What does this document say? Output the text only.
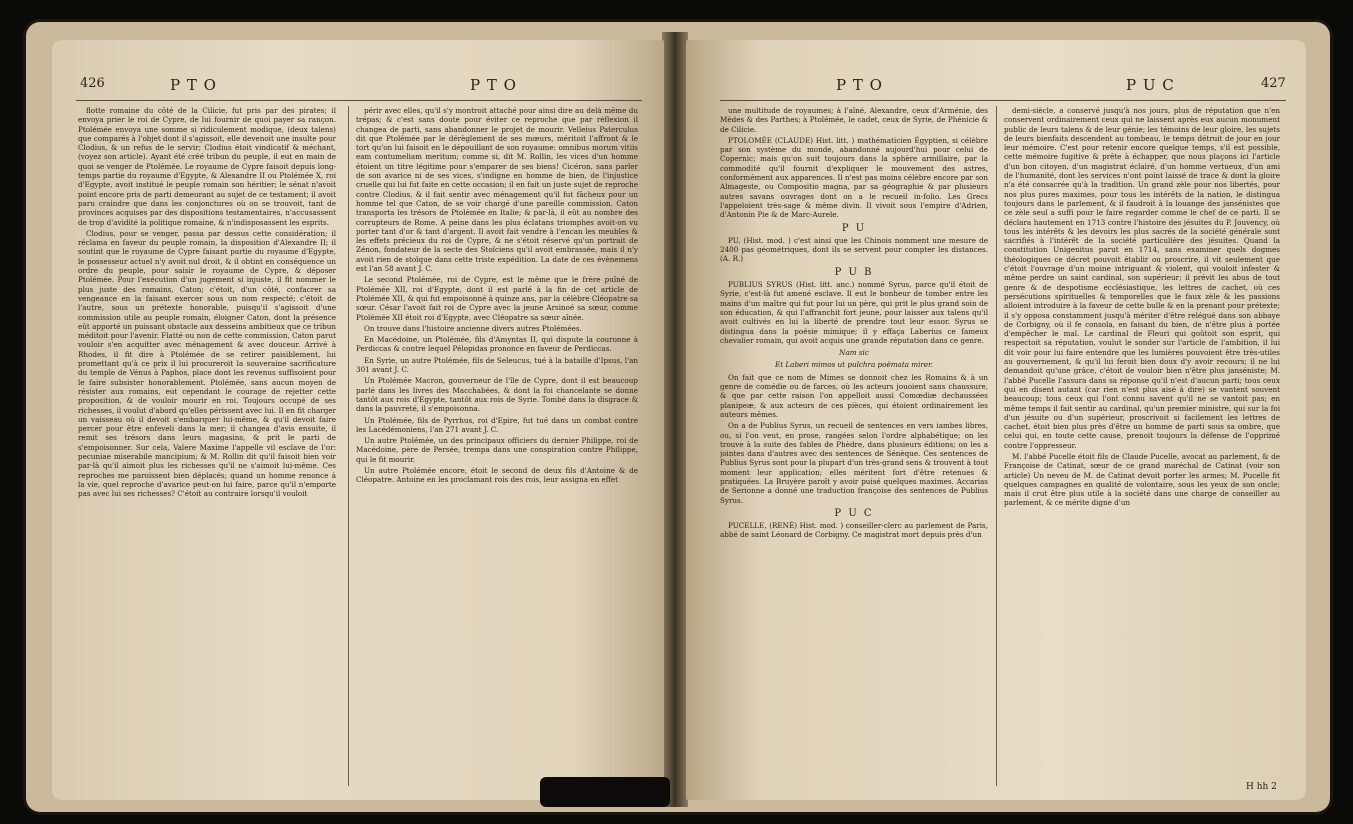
426	P T O	P T O

flotte romaine du côté de la Cilicie, fut pris par des pirates; il envoya prier le roi de Cypre, de lui fournir de quoi payer sa rançon. Ptolémée envoya une somme si ridiculement modique, (deux talens) que comparés à l'objet dont il s'agissoit, elle devenoit une insulte pour Clodius, & un refus de le servir; Clodius étoit vindicatif & méchant, (voyez son article). Ayant été créé tribun du peuple, il eut en main de quoi se venger de Ptolémée. Le royaume de Cypre faisoit depuis long-temps partie du royaume d'Egypte, & Alexandre II ou Ptolémée X, roi d'Egypte, avoit institué le peuple romain son héritier; le sénat n'avoit point encore pris de parti demeurant au sujet de ce testament; il avoit paru craindre que dans les conjonctures où on se trouvoit, tant de provinces acquises par des dispositions testamentaires, n'accusassent de trop d'avidité la politique romaine, & n'indisposassent les esprits.

Clodius, pour se venger, passa par dessus cette considération; il réclama en faveur du peuple romain, la disposition d'Alexandre II; il soutint que le royaume de Cypre faisant partie du royaume d'Egypte, le possesseur actuel n'y avoit nul droit, & il obtint en conséquence un ordre du peuple, pour saisir le royaume de Cypre, & déposer Ptolémée. Pour l'exécution d'un jugement si injuste, il fit nommer le plus juste des romains, Caton; c'étoit, d'un côté, confacrer sa vengeance en la faisant exercer sous un nom respecté; c'étoit de l'autre, sous un prétexte honorable, puisqu'il s'agissoit d'une commission utile au peuple romain, éloigner Caton, dont la présence eût apporté un puissant obstacle aux desseins ambitieux que ce tribun méditoit pour l'avenir. Flatté ou non de cette commission, Caton parut vouloir s'en acquitter avec ménagement & avec douceur. Arrivé à Rhodes, il fit dire à Ptolémée de se retirer paisiblement, lui promettant qu'à ce prix il lui procureroit la souveraine sacrificature du temple de Vénus à Paphos, place dont les revenus suffisoient pour le faire subsister honorablement. Ptolémée, sans aucun moyen de résister aux romains, eut cependant le courage de rejetter cette proposition, & de vouloir mourir en roi. Toujours occupé de ses richesses, il voulut d'abord qu'elles périssent avec lui. Il en fit charger un vaisseau où il devoit s'embarquer lui-même, & qu'il devoit faire percer pour être enfeveli dans la mer; il changea d'avis ensuite, il remit ses trésors dans leurs magasins, & prit le parti de s'empoisonner. Sur cela, Valere Maxime l'appelle vil esclave de l'or: pecuniae miserabile mancipium; & M. Rollin dit qu'il faisoit bien voir par-là qu'il aimoit plus les richesses qu'il ne s'aimoit lui-même. Ces reproches me paroissent bien déplacés; quand un homme renonce à la vie, quel reproche d'avarice peut-on lui faire, parce qu'il n'emporte pas avec lui ses richesses? C'étoit au contraire lorsqu'il vouloit

périr avec elles, qu'il s'y montroit attaché pour ainsi dire au delà même du trépas; & c'est sans doute pour éviter ce reproche que par réflexion il changea de parti, sans abandonner le projet de mourir. Velleius Paterculus dit que Ptolémée par le dérèglement de ses mœurs, méritoit l'affront & le tort qu'on lui faisoit en le dépouillant de son royaume: omnibus morum vitiis eam contumeliam meritum; comme si, dit M. Rollin, les vices d'un homme étoient un titre légitime pour s'emparer de ses biens! Cicéron, sans parler de son avarice ni de ses vices, s'indigne en homme de bien, de l'injustice cruelle qui lui fut faite en cette occasion; il en fait un juste sujet de reproche contre Clodius, & il fait sentir avec ménagement qu'il fut fâcheux pour un homme tel que Caton, de se voir chargé d'une pareille commission. Caton transporta les trésors de Ptolémée en Italie; & par-là, il eût au nombre des corrupteurs de Rome. A peine dans les plus éclatans triomphes avoit-on vu porter tant d'or & tant d'argent. Il avoit fait vendre à l'encan les meubles & les effets précieux du roi de Cypre, & ne s'étoit réservé qu'un portrait de Zénon, fondateur de la secte des Stoïciens qu'il avoit embrassée, mais il n'y avoit rien de stoïque dans cette triste expédition. La date de ces évènemens est l'an 58 avant J. C.

Le second Ptolémée, roi de Cypre, est le même que le frère puîné de Ptolémée XII, roi d'Egypte, dont il est parlé à la fin de cet article de Ptolémée XII, & qui fut empoisonné à quinze ans, par la célèbre Cléopatre sa sœur. César l'avoit fait roi de Cypre avec la jeune Arsinoé sa sœur, comme Ptolémée XII étoit roi d'Egypte, avec Cléopatre sa sœur aînée.

On trouve dans l'histoire ancienne divers autres Ptolémées.

En Macédoine, un Ptolémée, fils d'Amyntas II, qui dispute la couronne à Perdiccas & contre lequel Pélopidas prononce en faveur de Perdiccas.

En Syrie, un autre Ptolémée, fils de Seleucus, tué à la bataille d'Ipsus, l'an 301 avant J. C.

Un Ptolémée Macron, gouverneur de l'île de Cypre, dont il est beaucoup parlé dans les livres des Macchabées, & dont la foi chancelante se donne tantôt aux rois d'Egypte, tantôt aux rois de Syrie. Tombé dans la disgrace & dans la pauvreté, il s'empoisonna.

Un Ptolémée, fils de Pyrrhus, roi d'Epire, fut tué dans un combat contre les Lacédémoniens, l'an 271 avant J. C.

Un autre Ptolémée, un des principaux officiers du dernier Philippe, roi de Macédoine, père de Persée, trempa dans une conspiration contre Philippe, qui le fit mourir.

Un autre Ptolémée encore, étoit le second de deux fils d'Antoine & de Cléopatre. Antoine en les proclamant rois des rois, leur assigna en effet

P T O	P U C	427

une multitude de royaumes; à l'aîné, Alexandre, ceux d'Arménie, des Mèdes & des Parthes; à Ptolémée, le cadet, ceux de Syrie, de Phénicie & de Cilicie.

PTOLOMÉE (CLAUDE) Hist. litt. ) mathématicien Égyptien, si célèbre par son système du monde, abandonné aujourd'hui pour celui de Copernic; mais qu'on suit toujours dans la sphère armillaire, par la commodité qu'il fournit d'expliquer le mouvement des astres, conformément aux apparences. Il n'est pas moins célèbre encore par son Almageste, ou Compositio magna, par sa géographie & par plusieurs autres savans ouvrages dont on a le recueil in-folio. Les Grecs l'appeloient très-sage & même divin. Il vivoit sous l'empire d'Adrien, d'Antonin Pie & de Marc-Aurele.

P U

PU, (Hist. mod. ) c'est ainsi que les Chinois nomment une mesure de 2400 pas géométriques, dont ils se servent pour compter les distances. (A. R.)

P U B

PUBLIUS SYRUS (Hist. litt. anc.) nommé Syrus, parce qu'il étoit de Syrie, c'est-là fut amené esclave. Il eut le bonheur de tomber entre les mains d'un maître qui fut pour lui un père, qui prit le plus grand soin de son éducation, & qui l'affranchit fort jeune, pour laisser aux talens qu'il avoit cultivés en lui la liberté de prendre tout leur essor. Syrus se distingua dans la poésie mimique; il y effaça Laberius ce fameux chevalier romain, qui avoit acquis une grande réputation dans ce genre.

Nam sic
Et Laberi mimos ut pulchra poëmata mirer.

On fait que ce nom de Mimes se donnoit chez les Romains & à un genre de comédie ou de farces, où les acteurs jouoient sans chaussure, & que par cette raison l'on appelloit aussi Comœdiæ dechaussées planipeæ, & aux acteurs de ces pièces, qui étoient ordinairement les auteurs mêmes.

On a de Publius Syrus, un recueil de sentences en vers iambes libres, ou, si l'on veut, en prose, rangées selon l'ordre alphabétique; on les trouve à la suite des fables de Phèdre, dans plusieurs éditions; on les a jointes dans d'autres avec des sentences de Sénèque. Ces sentences de Publius Syrus sont pour la plupart d'un très-grand sens & trouvent à tout moment leur application; elles méritent fort d'être retenues & pratiquées. La Bruyère paroît y avoir puisé quelques maximes. Accarias de Serionne a donné une traduction françoise des sentences de Publius Syrus.

P U C

PUCELLE, (RENÉ) Hist. mod. ) conseiller-clerc au parlement de Paris, abbé de saint Léonard de Corbigny. Ce magistrat mort depuis près d'un

demi-siècle, a conservé jusqu'à nos jours, plus de réputation que n'en conservent ordinairement ceux qui ne laissent après eux aucun monument public de leurs talens & de leur génie; les témoins de leur gloire, les sujets de leurs bienfaits descendent au tombeau, le temps détruit de jour en jour leur mémoire. C'est pour retenir encore quelque temps, s'il est possible, cette mémoire fugitive & prête à échapper, que nous plaçons ici l'article d'un bon citoyen, d'un magistrat éclairé, d'un homme vertueux, d'un ami de l'humanité, dont les services n'ont point laissé de trace & dont la gloire n'a été consacrée qu'à la tradition. Un grand zèle pour nos libertés, pour nos plus pures maximes, pour tous les intérêts de la nation, le distingua toujours dans le parlement, & il faudroit à la louange des jansénistes que ce zèle seul a suffi pour le faire regarder comme le chef de ce parti. Il se déclara hautement en 1713 contre l'histoire des jésuites du P. Jouvency, où tous les intérêts & les devoirs les plus sacrés de la société générale sont sacrifiés à l'intérêt de la société particulière des jésuites. Quand la constitution Unigenitus parut en 1714, sans examiner quels dogmes théologiques ce décret pouvoit établir ou proscrire, il vit seulement que c'étoit l'ouvrage d'un moine intriguant & violent, qui vouloit infester & même perdre un saint cardinal, son supérieur; il prévit les abus de tout genre & de despotisme ecclésiastique, les lettres de cachet, où ces persécutions spirituelles & temporelles que le faux zèle & les passions alloient introduire à la faveur de cette bulle & en la prenant pour prétexte; il s'y opposa constamment jusqu'à mériter d'être relégué dans son abbaye de Corbigny, où il fe consola, en faisant du bien, de n'être plus à portée d'empêcher le mal. Le cardinal de Fleuri qui goûtoit son esprit, qui respectoit sa réputation, voulut le sonder sur l'article de l'ambition, il lui dit voir pour lui faire entendre que les lumières pouvoient être très-utiles au gouvernement, & qu'il lui feroit bien doux d'y avoir recours; il ne lui demandoit qu'une grâce, c'étoit de vouloir bien n'être plus janséniste; M. l'abbé Pucelle l'assura dans sa réponse qu'il n'est d'aucun parti; tous ceux qui en disent autant (car rien n'est plus aisé à dire) se vantent souvent beaucoup; tous ceux qui l'ont connu savent qu'il ne se vantoit pas; en même temps il fait sentir au cardinal, qu'un premier ministre, qui sur la foi d'un jésuite ou d'un supérieur, proscrivoit si facilement les lettres de cachet, étoit bien plus près d'être un homme de parti sous sa ombre, que celui qui, en toute cette cause, prenoit toujours la défense de l'opprimé contre l'oppresseur.

M. l'abbé Pucelle étoit fils de Claude Pucelle, avocat au parlement, & de Françoise de Catinat, sœur de ce grand maréchal de Catinat (voir son article) Un neveu de M. de Catinat devoit porter les armes; M. Pucelle fit quelques campagnes en qualité de volontaire, sous les yeux de son oncle; mais il crut être plus utile à la société dans une charge de conseiller au parlement, & ce mérite digne d'un

H hh 2
